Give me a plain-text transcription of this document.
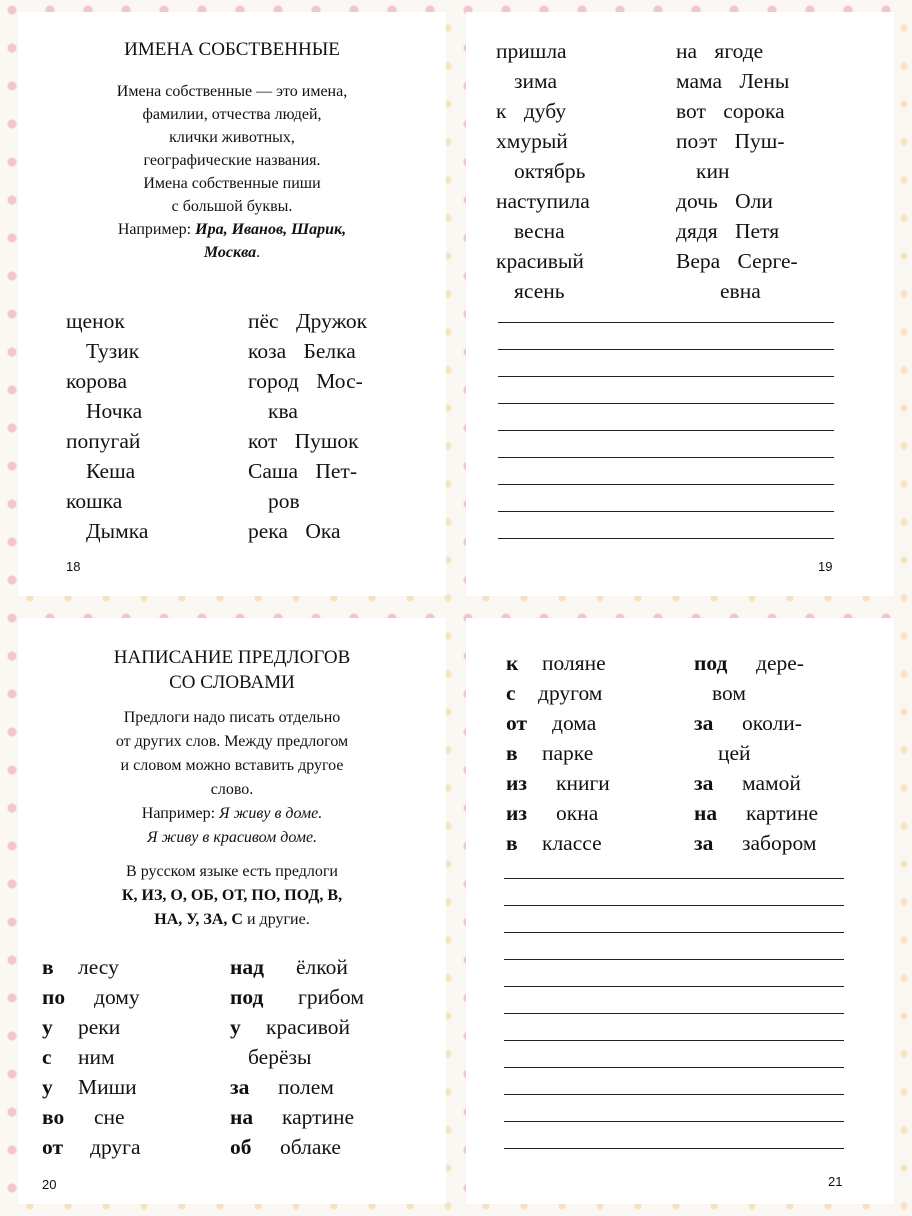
ИМЕНА СОБСТВЕННЫЕ
Имена собственные — это имена,
фамилии, отчества людей,
клички животных,
географические названия.
Имена собственные пиши
с большой буквы.
Например: Ира, Иванов, Шарик,
Москва.
щенок
Тузик
корова
Ночка
попугай
Кеша
кошка
Дымка
пёс Дружок
коза Белка
город Мос-
ква
кот Пушок
Саша Пет-
ров
река Ока
18
пришла
зима
к дубу
хмурый
октябрь
наступила
весна
красивый
ясень
на ягоде
мама Лены
вот сорока
поэт Пуш-
кин
дочь Оли
дядя Петя
Вера Серге-
евна
19
НАПИСАНИЕ ПРЕДЛОГОВ
СО СЛОВАМИ
Предлоги надо писать отдельно
от других слов. Между предлогом
и словом можно вставить другое
слово.
Например: Я живу в доме.
Я живу в красивом доме.
В русском языке есть предлоги
К, ИЗ, О, ОБ, ОТ, ПО, ПОД, В,
НА, У, ЗА, С и другие.
в лесу
по дому
у реки
с ним
у Миши
во сне
от друга
над ёлкой
под грибом
у красивой
берёзы
за полем
на картине
об облаке
20
к поляне
с другом
от дома
в парке
из книги
из окна
в классе
под дере-
вом
за околи-
цей
за мамой
на картине
за забором
21
